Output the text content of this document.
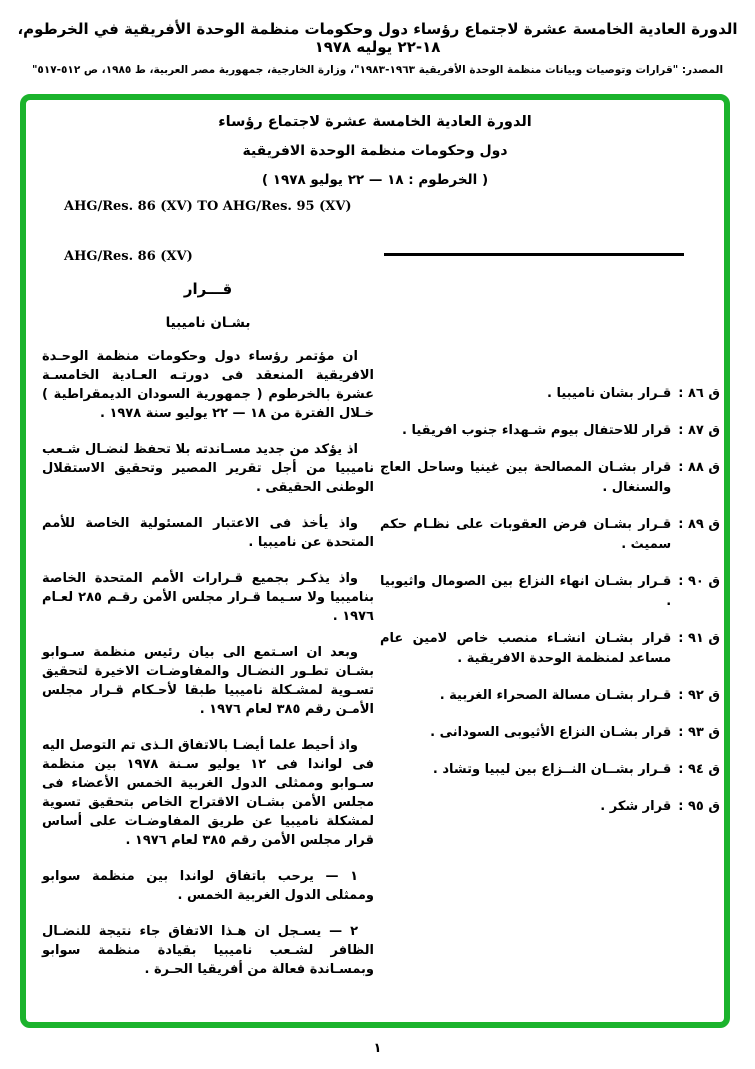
الدورة العادية الخامسة عشرة لاجتماع رؤساء دول وحكومات منظمة الوحدة الأفريقية في الخرطوم، ١٨-٢٢ يوليه ١٩٧٨
المصدر: "قرارات وتوصيات وبيانات منظمة الوحدة الأفريقية ١٩٦٣-١٩٨٣"، وزارة الخارجية، جمهورية مصر العربية، ط ١٩٨٥، ص ٥١٢-٥١٧"
الدورة العادية الخامسة عشرة لاجتماع رؤساء
دول وحكومات منظمة الوحدة الافريقية
( الخرطوم : ١٨ — ٢٢ يوليو ١٩٧٨ )
AHG/Res. 86 (XV) TO AHG/Res. 95 (XV)
AHG/Res. 86 (XV)
قـــرار
بشـان ناميبيا

ان مؤتمر رؤساء دول وحكومات منظمة الوحـدة الافريقية المنعقد فى دورتـه العـادية الخامسـة عشرة بالخرطوم ( جمهورية السودان الديمقراطية ) خـلال الفترة من ١٨ — ٢٢ يوليو سنة ١٩٧٨ .

اذ يؤكد من جديد مسـاندته بلا تحفظ لنضـال شـعب ناميبيا من أجل تقرير المصير وتحقيق الاستقلال الوطنى الحقيقى .

واذ يأخذ فى الاعتبار المسئولية الخاصة للأمم المتحدة عن ناميبيا .

واذ يذكـر بجميع قـرارات الأمم المتحدة الخاصة بناميبيا ولا سـيما قـرار مجلس الأمن رقـم ٢٨٥ لعـام ١٩٧٦ .

وبعد ان اسـتمع الى بيان رئيس منظمة سـوابو بشـان تطـور النضـال والمفاوضـات الاخيرة لتحقيق تسـوية لمشـكلة ناميبيا طبقا لأحـكام قـرار مجلس الأمـن رقم ٣٨٥ لعام ١٩٧٦ .

واذ أحيط علما أيضـا بالاتفاق الـذى تم التوصل اليه فى لواندا فى ١٢ يوليو سـنة ١٩٧٨ بين منظمة سـوابو وممثلى الدول الغربية الخمس الأعضاء فى مجلس الأمن بشـان الاقتراح الخاص بتحقيق تسوية لمشكلة ناميبيا عن طريق المفاوضـات على أساس قرار مجلس الأمن رقم ٣٨٥ لعام ١٩٧٦ .

١ — يرحب باتفاق لواندا بين منظمة سوابو وممثلى الدول الغربية الخمس .

٢ — يسـجل ان هـذا الاتفاق جاء نتيجة للنضـال الظافر لشـعب ناميبيا بقيادة منظمة سوابو وبمسـاندة فعالة من أفريقيا الحـرة .

ق ٨٦ :
قـرار بشان ناميبيا .
ق ٨٧ :
قرار للاحتفال بيوم شـهداء جنوب افريقيا .
ق ٨٨ :
قرار بشـان المصالحة بين غينيا وساحل العاج والسنغال .
ق ٨٩ :
قـرار بشـان فرض العقوبات على نظـام حكم سميث .
ق ٩٠ :
قـرار بشـان انهاء النزاع بين الصومال واثيوبيا .
ق ٩١ :
قرار بشـان انشـاء منصب خاص لامين عام مساعد لمنظمة الوحدة الافريقية .
ق ٩٢ :
قـرار بشـان مسالة الصحراء الغربية .
ق ٩٣ :
قرار بشـان النزاع الأثيوبى السودانى .
ق ٩٤ :
قـرار بشــان النــزاع بين ليبيا وتشاد .
ق ٩٥ :
قرار شكر .
١
